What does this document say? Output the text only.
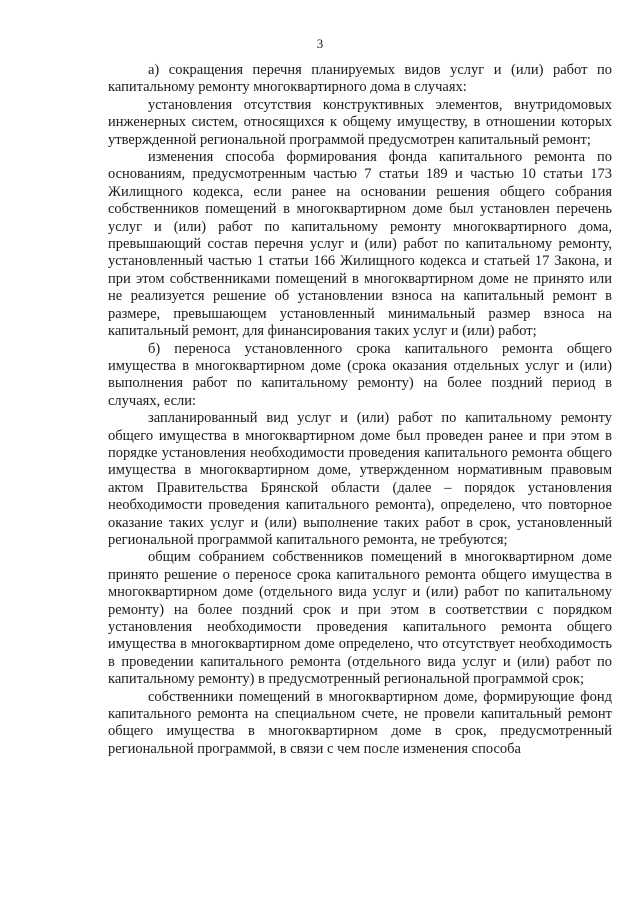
3

а) сокращения перечня планируемых видов услуг и (или) работ по капитальному ремонту многоквартирного дома в случаях:

установления отсутствия конструктивных элементов, внутридомовых инженерных систем, относящихся к общему имуществу, в отношении которых утвержденной региональной программой предусмотрен капитальный ремонт;

изменения способа формирования фонда капитального ремонта по основаниям, предусмотренным частью 7 статьи 189 и частью 10 статьи 173 Жилищного кодекса, если ранее на основании решения общего собрания собственников помещений в многоквартирном доме был установлен перечень услуг и (или) работ по капитальному ремонту многоквартирного дома, превышающий состав перечня услуг и (или) работ по капитальному ремонту, установленный частью 1 статьи 166 Жилищного кодекса и статьей 17 Закона, и при этом собственниками помещений в многоквартирном доме не принято или не реализуется решение об установлении взноса на капитальный ремонт в размере, превышающем установленный минимальный размер взноса на капитальный ремонт, для финансирования таких услуг и (или) работ;

б) переноса установленного срока капитального ремонта общего имущества в многоквартирном доме (срока оказания отдельных услуг и (или) выполнения работ по капитальному ремонту) на более поздний период в случаях, если:

запланированный вид услуг и (или) работ по капитальному ремонту общего имущества в многоквартирном доме был проведен ранее и при этом в порядке установления необходимости проведения капитального ремонта общего имущества в многоквартирном доме, утвержденном нормативным правовым актом Правительства Брянской области (далее – порядок установления необходимости проведения капитального ремонта), определено, что повторное оказание таких услуг и (или) выполнение таких работ в срок, установленный региональной программой капитального ремонта, не требуются;

общим собранием собственников помещений в многоквартирном доме принято решение о переносе срока капитального ремонта общего имущества в многоквартирном доме (отдельного вида услуг и (или) работ по капитальному ремонту) на более поздний срок и при этом в соответствии с порядком установления необходимости проведения капитального ремонта общего имущества в многоквартирном доме определено, что отсутствует необходимость в проведении капитального ремонта (отдельного вида услуг и (или) работ по капитальному ремонту) в предусмотренный региональной программой срок;

собственники помещений в многоквартирном доме, формирующие фонд капитального ремонта на специальном счете, не провели капитальный ремонт общего имущества в многоквартирном доме в срок, предусмотренный региональной программой, в связи с чем после изменения способа
